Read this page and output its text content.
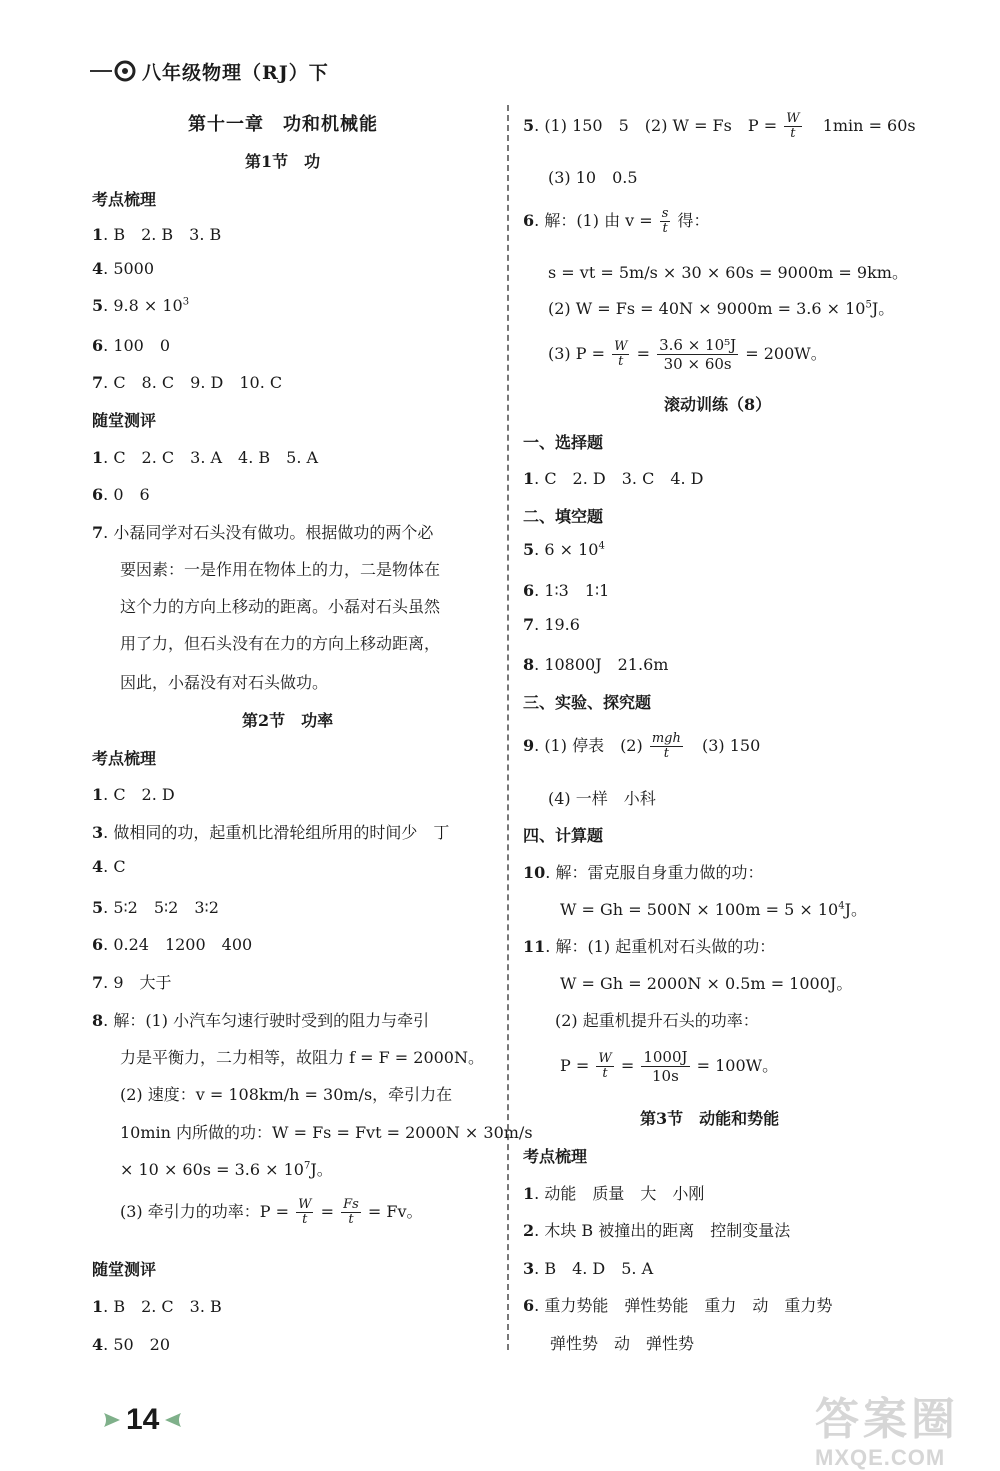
八年级物理（RJ）下
第十一章　功和机械能
第1节　功
考点梳理
1. B　2. B　3. B
4. 5000
5. $9.8 \times 10^3$
6. 100　0
7. C　8. C　9. D　10. C
随堂测评
1. C　2. C　3. A　4. B　5. A
6. 0　6
7. 小磊同学对石头没有做功。根据做功的两个必
要因素：一是作用在物体上的力，二是物体在
这个力的方向上移动的距离。小磊对石头虽然
用了力，但石头没有在力的方向上移动距离，
因此，小磊没有对石头做功。
第2节　功率
考点梳理
1. C　2. D
3. 做相同的功，起重机比滑轮组所用的时间少　丁
4. C
5. 5∶2　5∶2　3∶2
6. 0.24　1200　400
7. 9　大于
8. 解：(1) 小汽车匀速行驶时受到的阻力与牵引
力是平衡力，二力相等，故阻力 f = F = 2000N。
(2) 速度：v = 108km/h = 30m/s，牵引力在
10min 内所做的功：W = Fs = Fvt = 2000N × 30m/s
× $10 \times 60s = 3.6 \times 10^7J$。
(3) 牵引力的功率：$P = \frac{W}{t} = \frac{Fs}{t} = Fv$。
随堂测评
1. B　2. C　3. B
4. 50　20
5. (1) 150　5　(2) W = Fs　$P = \frac{W}{t} 1\min = 60s$
(3) 10　0.5
6. 解：(1) 由 $v = \frac{s}{t}$ 得：
s = vt = 5m/s × 30 × 60s = 9000m = 9km。
(2) $W = Fs = 40N \times 9000m = 3.6 \times 10^5J$。
(3) $P = \frac{W}{t} = \frac{\text{3.6 × 10⁵J}}{30 \times 60s} = 200W$。
滚动训练（8）
一、选择题
1. C　2. D　3. C　4. D
二、填空题
5. $6 \times 10^4$
6. 1∶3　1∶1
7. 19.6
8. 10800J　21.6m
三、实验、探究题
9. (1) 停表　$(2) \frac{\text{mgh}}{t} (3)$ 150
(4) 一样　小科
四、计算题
10. 解：雷克服自身重力做的功：
$W = Gh = 500N \times 100m = 5 \times 10^4J$。
11. 解：(1) 起重机对石头做的功：
W = Gh = 2000N × 0.5m = 1000J。
(2) 起重机提升石头的功率：
$P = \frac{W}{t} = \frac{1000J}{10s} = 100W$。
第3节　动能和势能
考点梳理
1. 动能　质量　大　小刚
2. 木块 B 被撞出的距离　控制变量法
3. B　4. D　5. A
6. 重力势能　弹性势能　重力　动　重力势
弹性势　动　弹性势
14	答案圈
MXQE.COM
